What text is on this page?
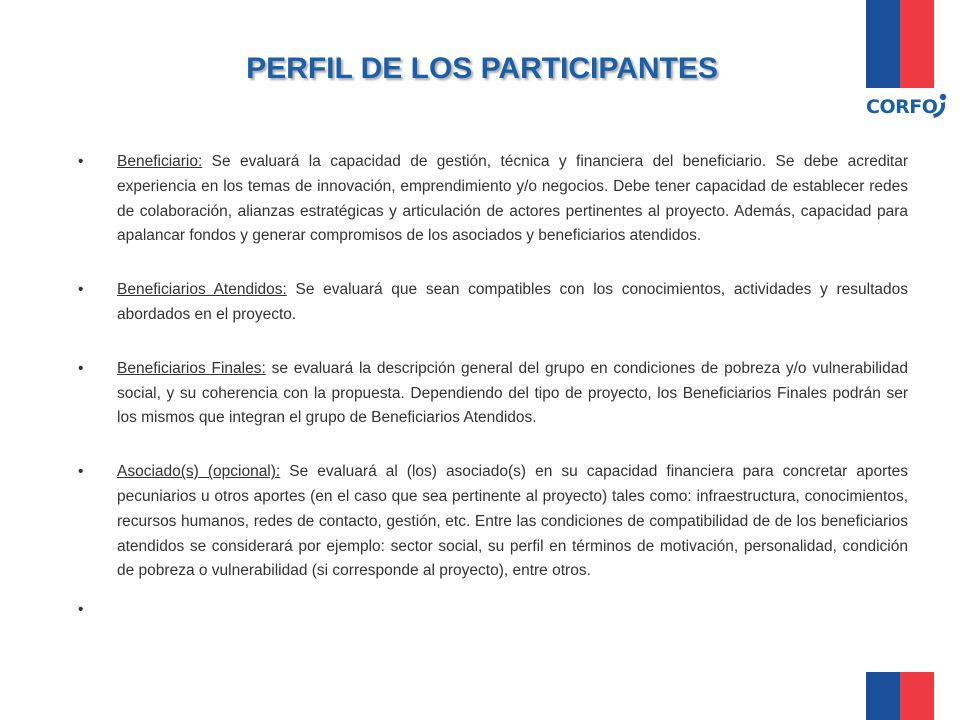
CORFO
PERFIL DE LOS PARTICIPANTES

• Beneficiario: Se evaluará la capacidad de gestión, técnica y financiera del beneficiario. Se debe acreditar experiencia en los temas de innovación, emprendimiento y/o negocios. Debe tener capacidad de establecer redes de colaboración, alianzas estratégicas y articulación de actores pertinentes al proyecto. Además, capacidad para apalancar fondos y generar compromisos de los asociados y beneficiarios atendidos.

• Beneficiarios Atendidos: Se evaluará que sean compatibles con los conocimientos, actividades y resultados abordados en el proyecto.

• Beneficiarios Finales: se evaluará la descripción general del grupo en condiciones de pobreza y/o vulnerabilidad social, y su coherencia con la propuesta. Dependiendo del tipo de proyecto, los Beneficiarios Finales podrán ser los mismos que integran el grupo de Beneficiarios Atendidos.

• Asociado(s) (opcional): Se evaluará al (los) asociado(s) en su capacidad financiera para concretar aportes pecuniarios u otros aportes (en el caso que sea pertinente al proyecto) tales como: infraestructura, conocimientos, recursos humanos, redes de contacto, gestión, etc. Entre las condiciones de compatibilidad de de los beneficiarios atendidos se considerará por ejemplo: sector social, su perfil en términos de motivación, personalidad, condición de pobreza o vulnerabilidad (si corresponde al proyecto), entre otros.

•
